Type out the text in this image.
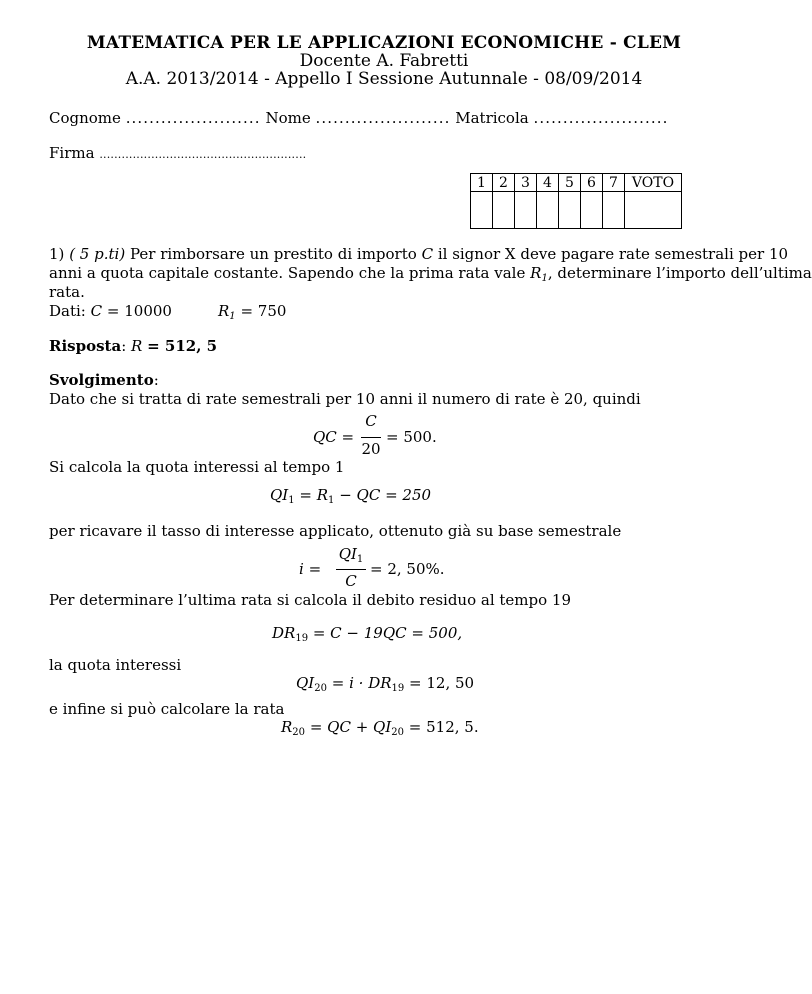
MATEMATICA PER LE APPLICAZIONI ECONOMICHE - CLEM
Docente A. Fabretti
A.A. 2013/2014 - Appello I Sessione Autunnale - 08/09/2014
Cognome ....................... Nome ....................... Matricola .......................
Firma ........................................................
1	2	3	4	5	6	7	VOTO

1) ( 5 p.ti) Per rimborsare un prestito di importo C il signor X deve pagare rate semestrali per 10
anni a quota capitale costante. Sapendo che la prima rata vale $R_1$, determinare l’importo dell’ultima
rata.
Dati: C = 10000	$R_1 = 750$
Risposta: R = 512, 5
Svolgimento:
Dato che si tratta di rate semestrali per 10 anni il numero di rate è 20, quindi
QC =
C
20
= 500.
Si calcola la quota interessi al tempo 1
$QI_1 = R_1$ − QC = 250
per ricavare il tasso di interesse applicato, ottenuto già su base semestrale
i =
$QI_1$
C
= 2, 50%.
Per determinare l’ultima rata si calcola il debito residuo al tempo 19
$DR_{19} = C - 19QC = 500$,
la quota interessi
$QI_{20} = i \cdot DR_{19} = 12$, 50
e infine si può calcolare la rata
$R_{20}$ = QC + $QI_{20} = 512$, 5.
